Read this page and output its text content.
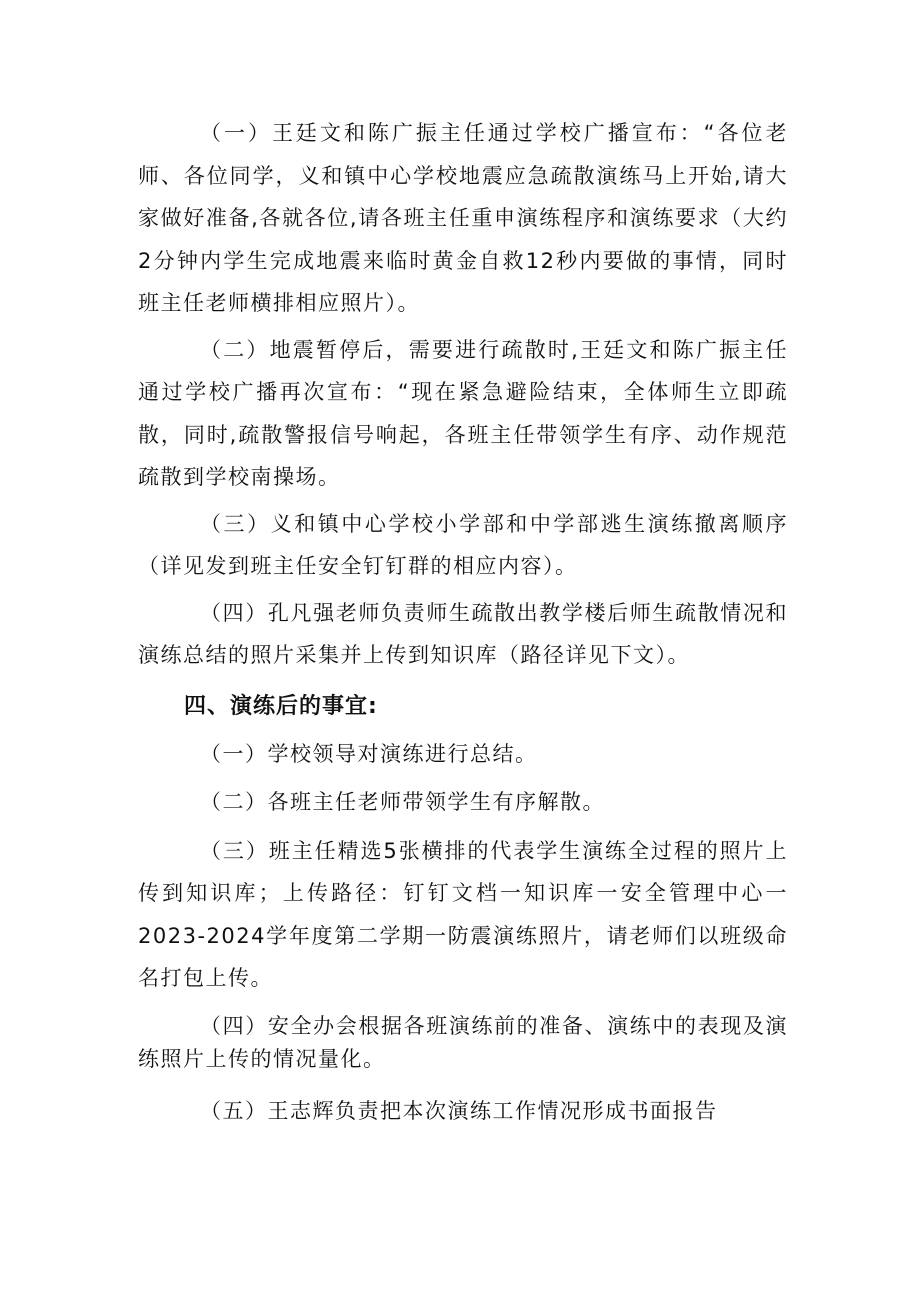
（一）王廷文和陈广振主任通过学校广播宣布：“各位老师、各位同学，义和镇中心学校地震应急疏散演练马上开始,请大家做好准备,各就各位,请各班主任重申演练程序和演练要求（大约2分钟内学生完成地震来临时黄金自救12秒内要做的事情，同时班主任老师横排相应照片）。

（二）地震暂停后，需要进行疏散时,王廷文和陈广振主任通过学校广播再次宣布：“现在紧急避险结束，全体师生立即疏散，同时,疏散警报信号响起，各班主任带领学生有序、动作规范疏散到学校南操场。

（三）义和镇中心学校小学部和中学部逃生演练撤离顺序（详见发到班主任安全钉钉群的相应内容）。

（四）孔凡强老师负责师生疏散出教学楼后师生疏散情况和演练总结的照片采集并上传到知识库（路径详见下文）。

四、演练后的事宜:

（一）学校领导对演练进行总结。

（二）各班主任老师带领学生有序解散。

（三）班主任精选5张横排的代表学生演练全过程的照片上传到知识库；上传路径：钉钉文档一知识库一安全管理中心一2023-2024学年度第二学期一防震演练照片，请老师们以班级命名打包上传。

（四）安全办会根据各班演练前的准备、演练中的表现及演练照片上传的情况量化。

（五）王志辉负责把本次演练工作情况形成书面报告
